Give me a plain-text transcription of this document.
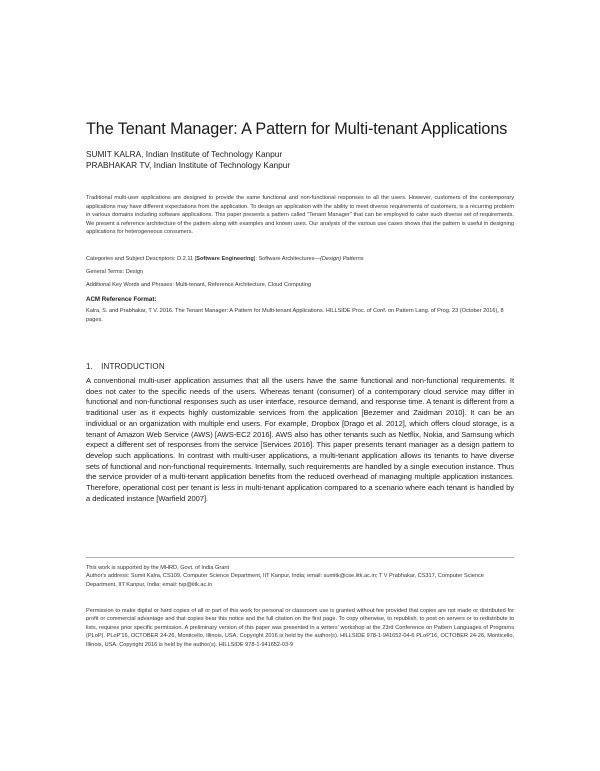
The Tenant Manager: A Pattern for Multi-tenant Applications
SUMIT KALRA, Indian Institute of Technology Kanpur
PRABHAKAR TV, Indian Institute of Technology Kanpur
Traditional multi-user applications are designed to provide the same functional and non-functional responses to all the users. However, customers of the contemporary applications may have different expectations from the application. To design an application with the ability to meet diverse requirements of customers, is a recurring problem in various domains including software applications. This paper presents a pattern called "Tenant Manager" that can be employed to cater such diverse set of requirements. We present a reference architecture of the pattern along with examples and known uses. Our analysis of the various use cases shows that the pattern is useful in designing applications for heterogeneous consumers.
Categories and Subject Descriptors: D.2.11 [Software Engineering]: Software Architectures—(Design) Patterns
General Terms: Design
Additional Key Words and Phrases: Multi-tenant, Reference Architecture, Cloud Computing
ACM Reference Format:
Kalra, S. and Prabhakar, T V. 2016. The Tenant Manager: A Pattern for Multi-tenant Applications. HILLSIDE Proc. of Conf. on Pattern Lang. of Prog. 23 (October 2016), 8 pages.
1. INTRODUCTION
A conventional multi-user application assumes that all the users have the same functional and non-functional requirements. It does not cater to the specific needs of the users. Whereas tenant (consumer) of a contemporary cloud service may differ in functional and non-functional responses such as user interface, resource demand, and response time. A tenant is different from a traditional user as it expects highly customizable services from the application [Bezemer and Zaidman 2010]. It can be an individual or an organization with multiple end users. For example, Dropbox [Drago et al. 2012], which offers cloud storage, is a tenant of Amazon Web Service (AWS) [AWS-EC2 2016]. AWS also has other tenants such as Netflix, Nokia, and Samsung which expect a different set of responses from the service [Services 2016]. This paper presents tenant manager as a design pattern to develop such applications. In contrast with multi-user applications, a multi-tenant application allows its tenants to have diverse sets of functional and non-functional requirements. Internally, such requirements are handled by a single execution instance. Thus the service provider of a multi-tenant application benefits from the reduced overhead of managing multiple application instances. Therefore, operational cost per tenant is less in multi-tenant application compared to a scenario where each tenant is handled by a dedicated instance [Warfield 2007].
This work is supported by the MHRD, Govt. of India Grant
Author's address: Sumit Kalra, CS109, Computer Science Department, IIT Kanpur, India; email: sumitk@cse.iitk.ac.in; T V Prabhakar, CS317, Computer Science Department, IIT Kanpur, India; email: tvp@iitk.ac.in
Permission to make digital or hard copies of all or part of this work for personal or classroom use is granted without fee provided that copies are not made or distributed for profit or commercial advantage and that copies bear this notice and the full citation on the first page. To copy otherwise, to republish, to post on servers or to redistribute to lists, requires prior specific permission. A preliminary version of this paper was presented in a writers' workshop at the 23rd Conference on Pattern Languages of Programs (PLoP). PLoP'16, OCTOBER 24-26, Monticello, Illinois, USA. Copyright 2016 is held by the author(s). HILLSIDE 978-1-941652-04-6 PLoP'16, OCTOBER 24-26, Monticello, Illinois, USA. Copyright 2016 is held by the author(s). HILLSIDE 978-1-941652-03-9
